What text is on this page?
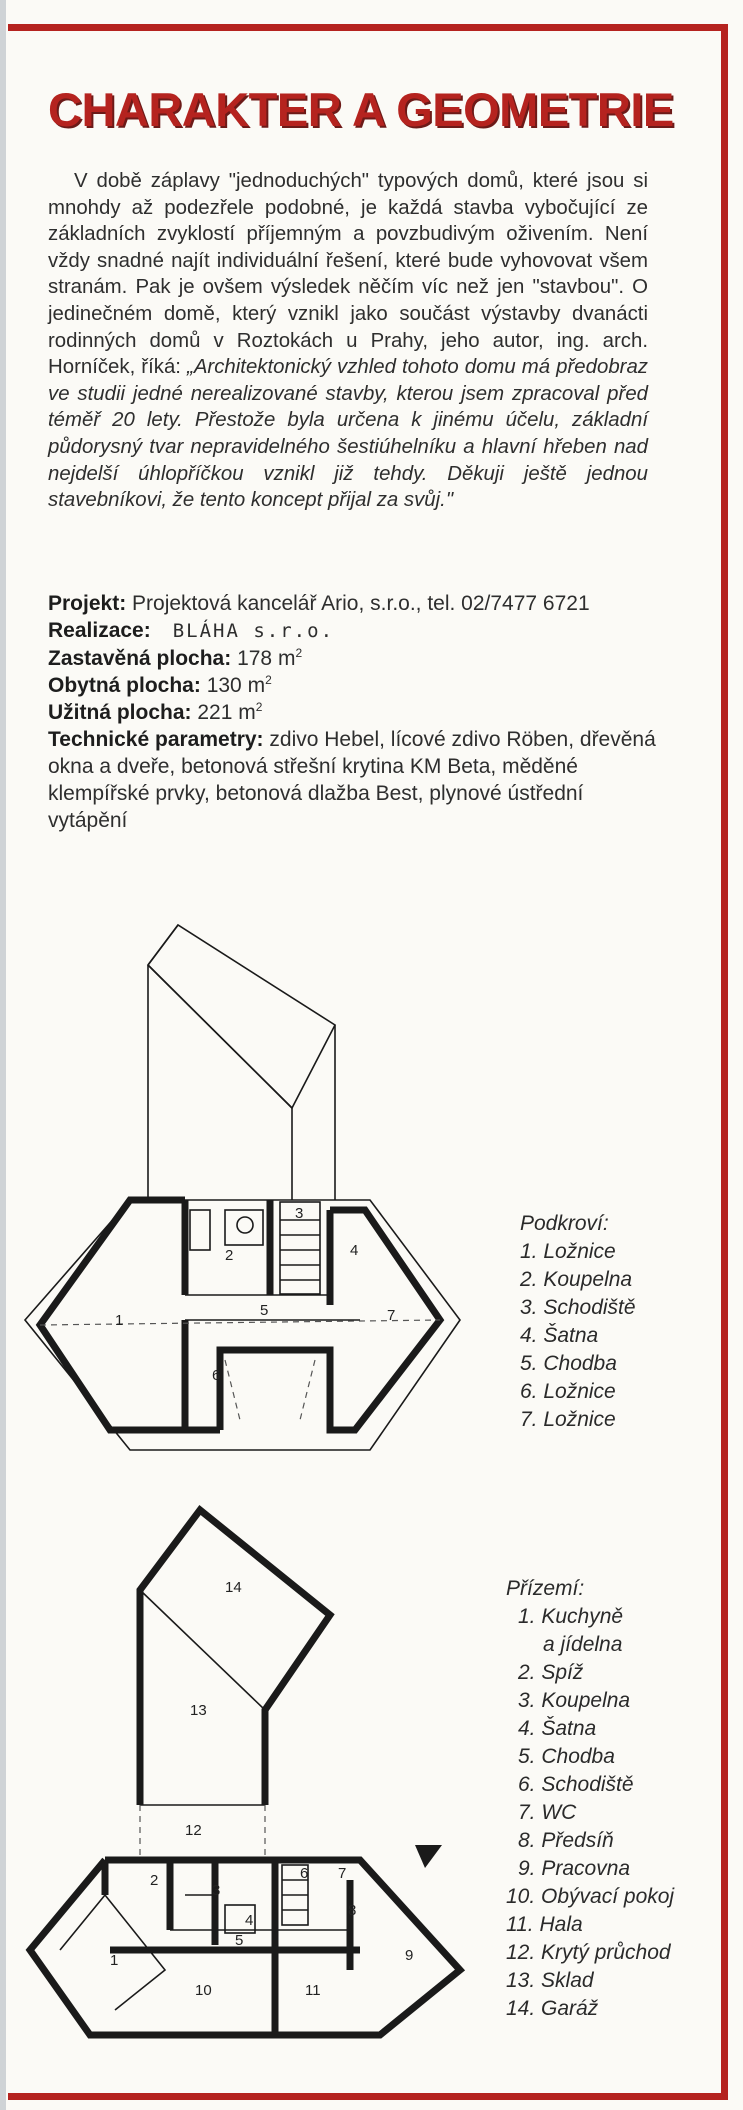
CHARAKTER A GEOMETRIE

V době záplavy "jednoduchých" typových domů, které jsou si mnohdy až podezřele podobné, je každá stavba vybočující ze základních zvyklostí příjemným a povzbudivým oživením. Není vždy snadné najít individuální řešení, které bude vyhovovat všem stranám. Pak je ovšem výsledek něčím víc než jen "stavbou". O jedinečném domě, který vznikl jako součást výstavby dvanácti rodinných domů v Roztokách u Prahy, jeho autor, ing. arch. Horníček, říká: „Architektonický vzhled tohoto domu má předobraz ve studii jedné nerealizované stavby, kterou jsem zpracoval před téměř 20 lety. Přestože byla určena k jinému účelu, základní půdorysný tvar nepravidelného šestiúhelníku a hlavní hřeben nad nejdelší úhlopříčkou vznikl již tehdy. Děkuji ještě jednou stavebníkovi, že tento koncept přijal za svůj."

Projekt: Projektová kancelář Ario, s.r.o., tel. 02/7477 6721

Realizace: BLÁHA s.r.o.

Zastavěná plocha: 178 $m^2$

Obytná plocha: 130 $m^2$

Užitná plocha: 221 $m^2$

Technické parametry: zdivo Hebel, lícové zdivo Röben, dřevěná okna a dveře, betonová střešní krytina KM Beta, měděné klempířské prvky, betonová dlažba Best, plynové ústřední vytápění

1
2
3
4
5
6
7

Podkroví:

1. Ložnice
2. Koupelna
3. Schodiště
4. Šatna
5. Chodba
6. Ložnice
7. Ložnice
1
2
3
4
5
6 7
8
9
10	11
12
13
14	Přízemí:

1. Kuchyně
a jídelna
2. Spíž
3. Koupelna
4. Šatna
5. Chodba
6. Schodiště
7. WC
8. Předsíň
9. Pracovna
10. Obývací pokoj
11. Hala
12. Krytý průchod
13. Sklad
14. Garáž
